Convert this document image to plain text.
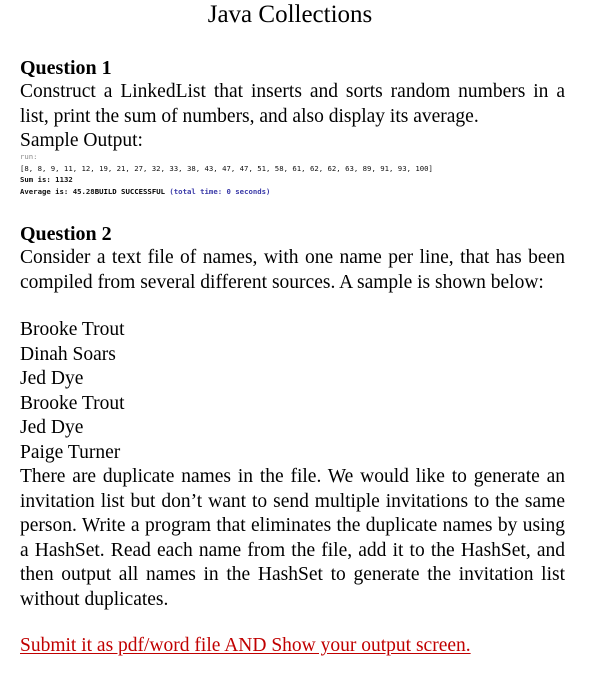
Java Collections
Question 1
Construct a LinkedList that inserts and sorts random numbers in a list, print the sum of numbers, and also display its average.
Sample Output:
run:
[8, 8, 9, 11, 12, 19, 21, 27, 32, 33, 38, 43, 47, 47, 51, 58, 61, 62, 62, 63, 89, 91, 93, 100]
Sum is: 1132
Average is: 45.28BUILD SUCCESSFUL (total time: 0 seconds)
Question 2
Consider a text file of names, with one name per line, that has been compiled from several different sources. A sample is shown below:
Brooke Trout
Dinah Soars
Jed Dye
Brooke Trout
Jed Dye
Paige Turner
There are duplicate names in the file. We would like to generate an invitation list but don’t want to send multiple invitations to the same person. Write a program that eliminates the duplicate names by using a HashSet. Read each name from the file, add it to the HashSet, and then output all names in the HashSet to generate the invitation list without duplicates.
Submit it as pdf/word file AND Show your output screen.
